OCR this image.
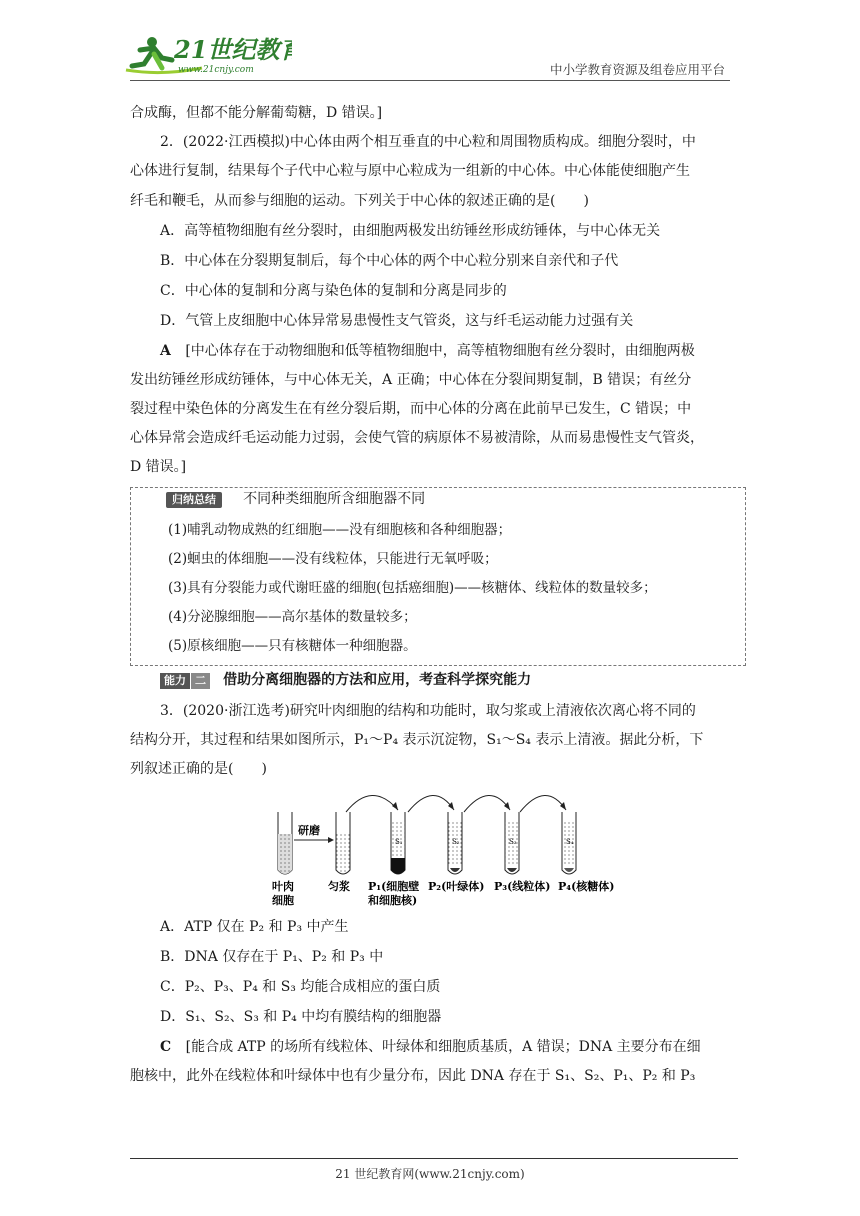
21世纪教育
www.21cnjy.com	中小学教育资源及组卷应用平台
合成酶，但都不能分解葡萄糖，D 错误。]
2．(2022·江西模拟)中心体由两个相互垂直的中心粒和周围物质构成。细胞分裂时，中
心体进行复制，结果每个子代中心粒与原中心粒成为一组新的中心体。中心体能使细胞产生
纤毛和鞭毛，从而参与细胞的运动。下列关于中心体的叙述正确的是(　　)
A．高等植物细胞有丝分裂时，由细胞两极发出纺锤丝形成纺锤体，与中心体无关
B．中心体在分裂期复制后，每个中心体的两个中心粒分别来自亲代和子代
C．中心体的复制和分离与染色体的复制和分离是同步的
D．气管上皮细胞中心体异常易患慢性支气管炎，这与纤毛运动能力过强有关
A [中心体存在于动物细胞和低等植物细胞中，高等植物细胞有丝分裂时，由细胞两极
发出纺锤丝形成纺锤体，与中心体无关，A 正确；中心体在分裂间期复制，B 错误；有丝分
裂过程中染色体的分离发生在有丝分裂后期，而中心体的分离在此前早已发生，C 错误；中
心体异常会造成纤毛运动能力过弱，会使气管的病原体不易被清除，从而易患慢性支气管炎，
D 错误。]
归纳总结 不同种类细胞所含细胞器不同
(1)哺乳动物成熟的红细胞——没有细胞核和各种细胞器；
(2)蛔虫的体细胞——没有线粒体，只能进行无氧呼吸；
(3)具有分裂能力或代谢旺盛的细胞(包括癌细胞)——核糖体、线粒体的数量较多；
(4)分泌腺细胞——高尔基体的数量较多；
(5)原核细胞——只有核糖体一种细胞器。
能力 二 借助分离细胞器的方法和应用，考查科学探究能力
3．(2020·浙江选考)研究叶肉细胞的结构和功能时，取匀浆或上清液依次离心将不同的
结构分开，其过程和结果如图所示，P₁～P₄ 表示沉淀物，S₁～S₄ 表示上清液。据此分析，下
列叙述正确的是(　　)
研磨
S₁	S₂	S₃	S₄
叶肉
细胞
匀浆 P₁(细胞壁
和细胞核)
P₂(叶绿体) P₃(线粒体) P₄(核糖体)
A．ATP 仅在 P₂ 和 P₃ 中产生
B．DNA 仅存在于 P₁、P₂ 和 P₃ 中
C．P₂、P₃、P₄ 和 S₃ 均能合成相应的蛋白质
D．S₁、S₂、S₃ 和 P₄ 中均有膜结构的细胞器
C [能合成 ATP 的场所有线粒体、叶绿体和细胞质基质，A 错误；DNA 主要分布在细
胞核中，此外在线粒体和叶绿体中也有少量分布，因此 DNA 存在于 S₁、S₂、P₁、P₂ 和 P₃
21 世纪教育网(www.21cnjy.com)
